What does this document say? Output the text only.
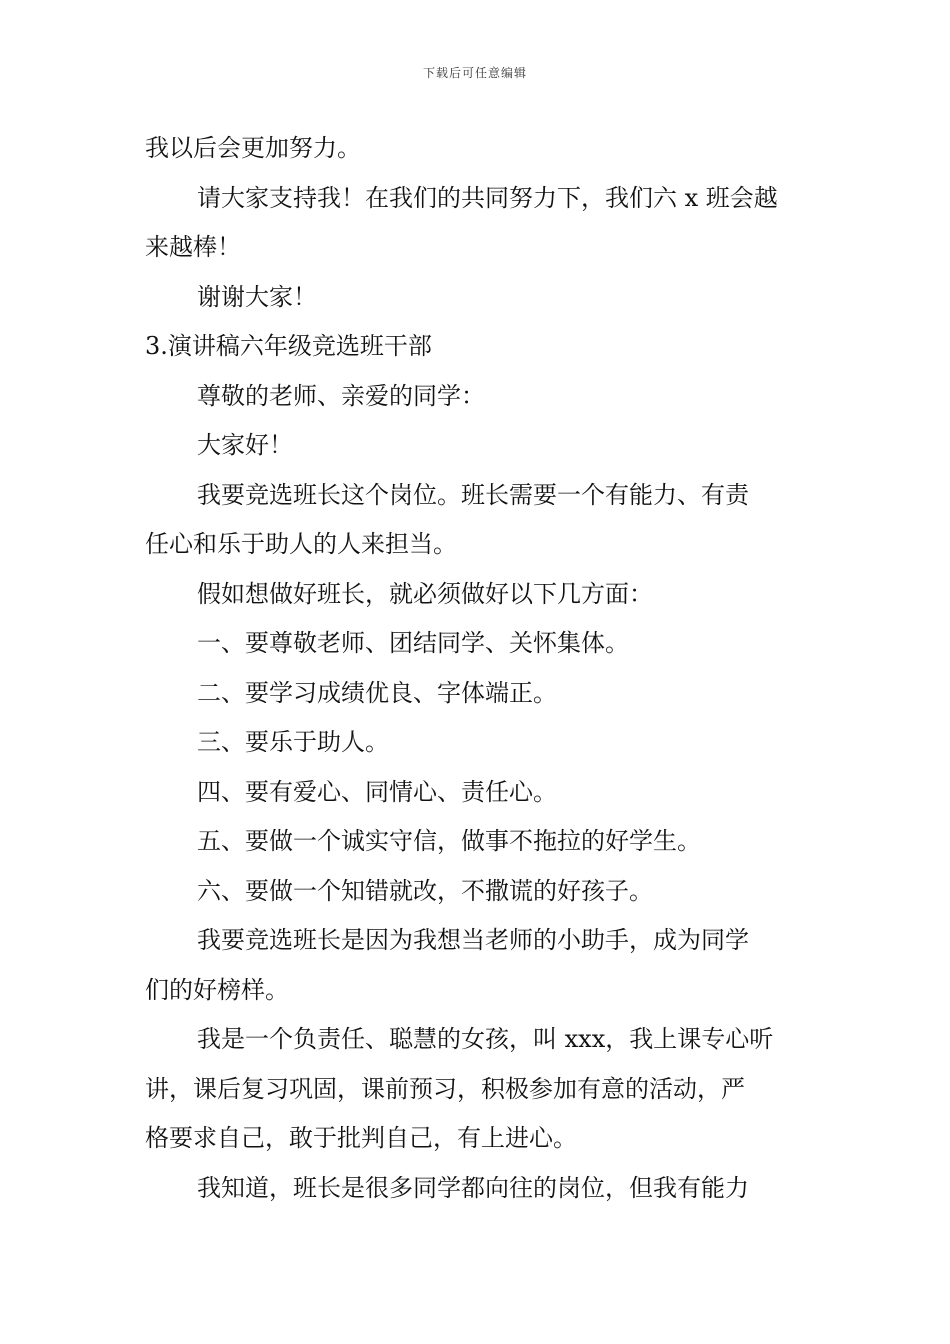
下载后可任意编辑
我以后会更加努力。
请大家支持我！在我们的共同努力下，我们六 x 班会越
来越棒！
谢谢大家！
3.演讲稿六年级竞选班干部
尊敬的老师、亲爱的同学：
大家好！
我要竞选班长这个岗位。班长需要一个有能力、有责
任心和乐于助人的人来担当。
假如想做好班长，就必须做好以下几方面：
一、要尊敬老师、团结同学、关怀集体。
二、要学习成绩优良、字体端正。
三、要乐于助人。
四、要有爱心、同情心、责任心。
五、要做一个诚实守信，做事不拖拉的好学生。
六、要做一个知错就改，不撒谎的好孩子。
我要竞选班长是因为我想当老师的小助手，成为同学
们的好榜样。
我是一个负责任、聪慧的女孩，叫 xxx，我上课专心听
讲，课后复习巩固，课前预习，积极参加有意的活动，严
格要求自己，敢于批判自己，有上进心。
我知道，班长是很多同学都向往的岗位，但我有能力
